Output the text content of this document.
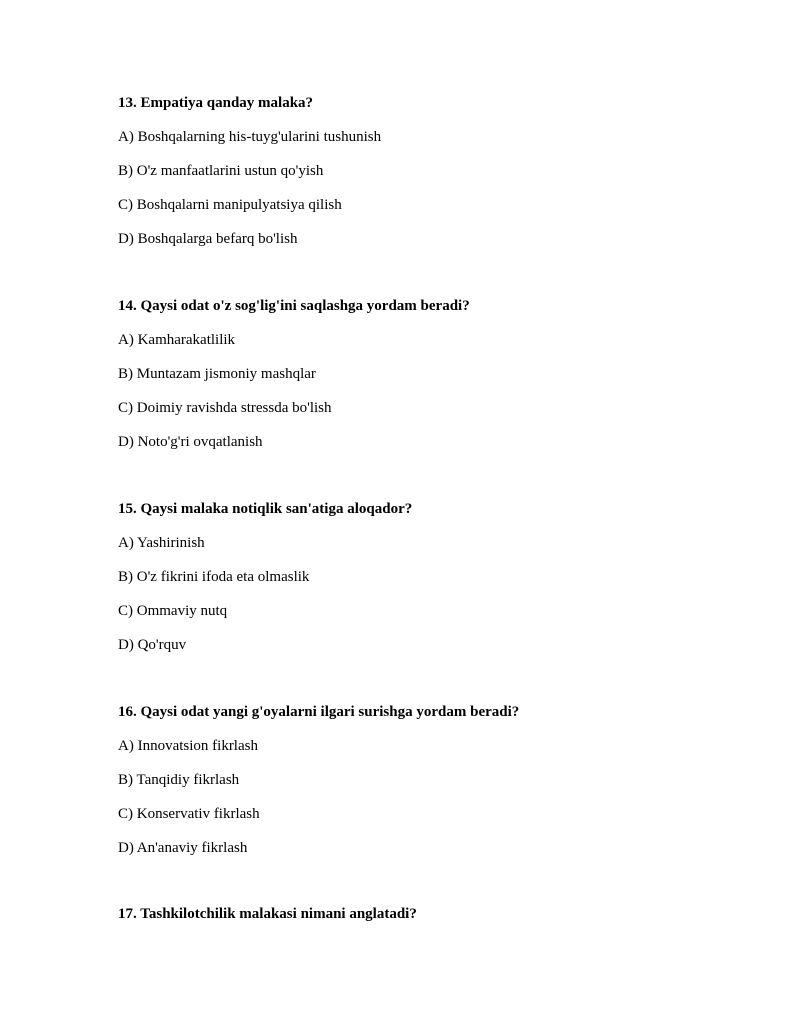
13. Empatiya qanday malaka?
A) Boshqalarning his-tuyg'ularini tushunish
B) O'z manfaatlarini ustun qo'yish
C) Boshqalarni manipulyatsiya qilish
D) Boshqalarga befarq bo'lish
14. Qaysi odat o'z sog'lig'ini saqlashga yordam beradi?
A) Kamharakatlilik
B) Muntazam jismoniy mashqlar
C) Doimiy ravishda stressda bo'lish
D) Noto'g'ri ovqatlanish
15. Qaysi malaka notiqlik san'atiga aloqador?
A) Yashirinish
B) O'z fikrini ifoda eta olmaslik
C) Ommaviy nutq
D) Qo'rquv
16. Qaysi odat yangi g'oyalarni ilgari surishga yordam beradi?
A) Innovatsion fikrlash
B) Tanqidiy fikrlash
C) Konservativ fikrlash
D) An'anaviy fikrlash
17. Tashkilotchilik malakasi nimani anglatadi?
